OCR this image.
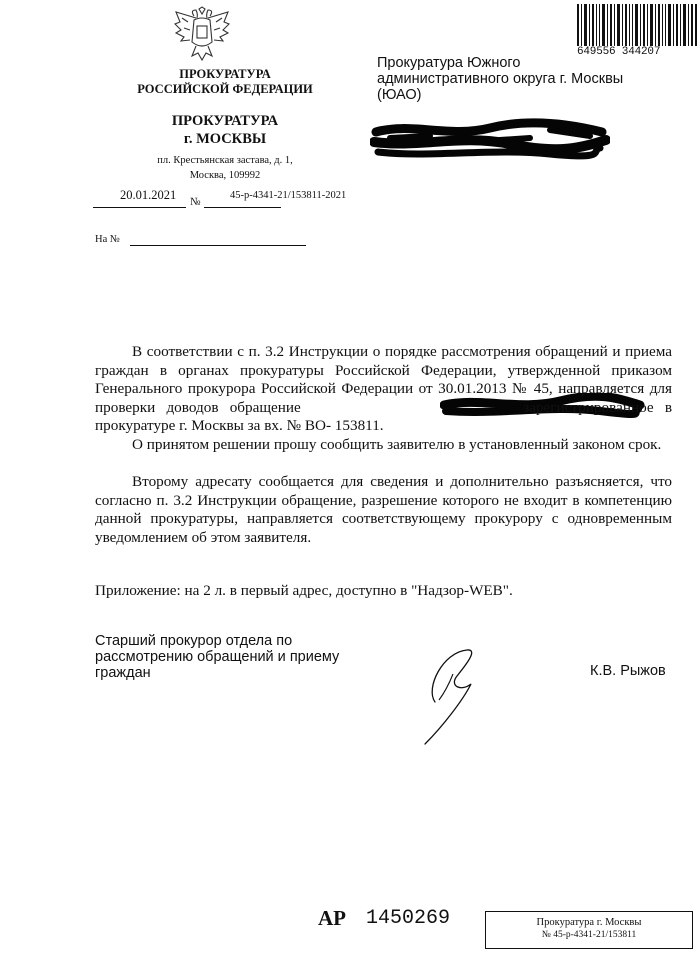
ПРОКУРАТУРА
РОССИЙСКОЙ ФЕДЕРАЦИИ
ПРОКУРАТУРА
г. МОСКВЫ
пл. Крестьянская застава, д. 1,
Москва, 109992
20.01.2021 №
45-р-4341-21/153811-2021
На №
649556 344207
Прокуратура Южного
административного округа г. Москвы
(ЮАО)
В соответствии с п. 3.2 Инструкции о порядке рассмотрения обращений и приема граждан в органах прокуратуры Российской Федерации, утвержденной приказом Генерального прокурора Российской Федерации от 30.01.2013 № 45, направляется для проверки доводов обращение	зарегистрированное в прокуратуре г. Москвы за вх. № ВО- 153811.
О принятом решении прошу сообщить заявителю в установленный законом срок.
Второму адресату сообщается для сведения и дополнительно разъясняется, что согласно п. 3.2 Инструкции обращение, разрешение которого не входит в компетенцию данной прокуратуры, направляется соответствующему прокурору с одновременным уведомлением об этом заявителя.
Приложение: на 2 л. в первый адрес, доступно в "Надзор-WEB".
Старший прокурор отдела по
рассмотрению обращений и приему
граждан	К.В. Рыжов
АР 1450269	Прокуратура г. Москвы
№ 45-р-4341-21/153811
